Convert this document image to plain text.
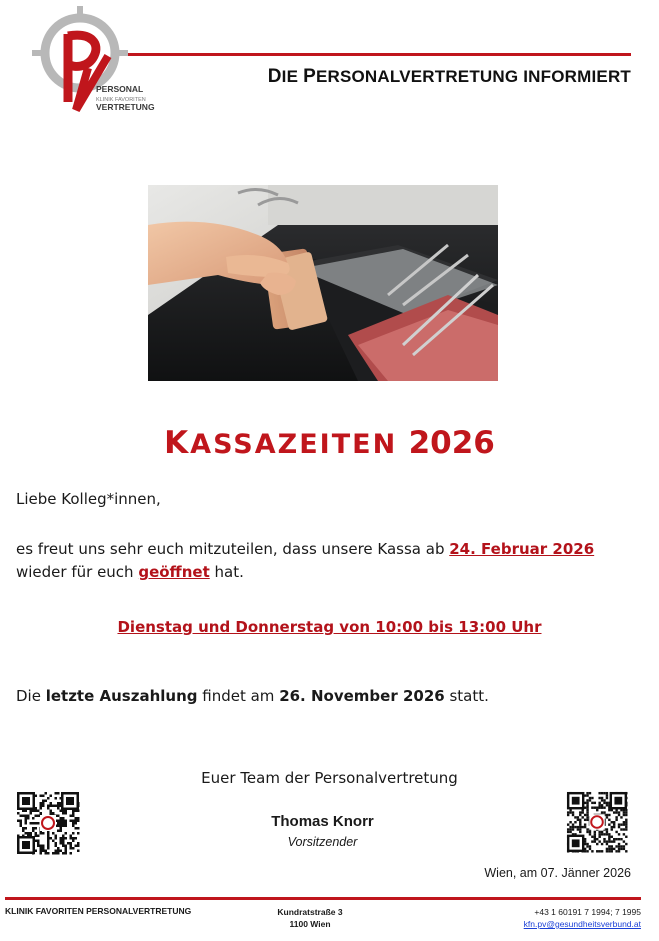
PERSONAL
KLINIK FAVORITEN
VERTRETUNG
DIE PERSONALVERTRETUNG INFORMIERT
KASSAZEITEN 2026
Liebe Kolleg*innen,
es freut uns sehr euch mitzuteilen, dass unsere Kassa ab 24. Februar 2026 wieder für euch geöffnet hat.
Dienstag und Donnerstag von 10:00 bis 13:00 Uhr
Die letzte Auszahlung findet am 26. November 2026 statt.
Euer Team der Personalvertretung
Thomas Knorr
Vorsitzender
Wien, am 07. Jänner 2026
KLINIK FAVORITEN PERSONALVERTRETUNG	Kundratstraße 3
1100 Wien
+43 1 60191 7 1994; 7 1995
kfn.pv@gesundheitsverbund.at
